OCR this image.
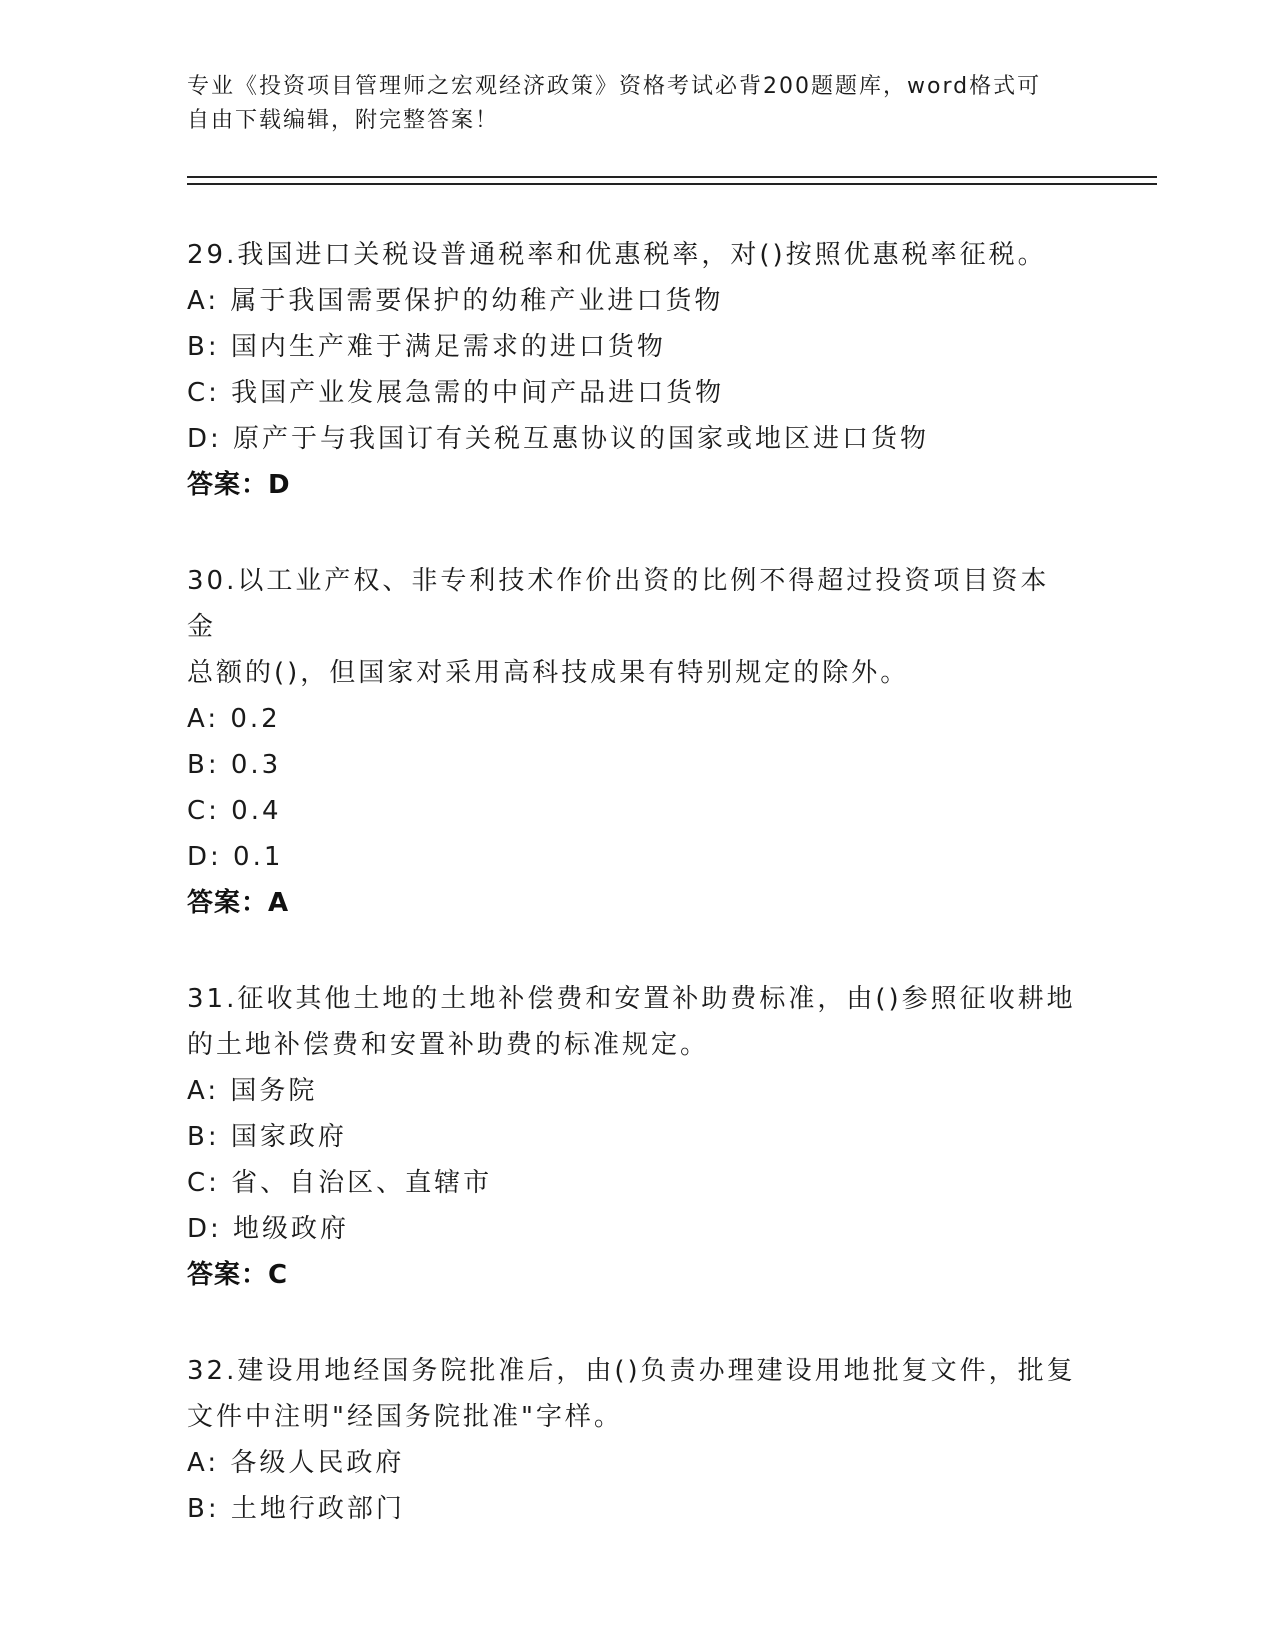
专业《投资项目管理师之宏观经济政策》资格考试必背200题题库，word格式可
自由下载编辑，附完整答案！
29.我国进口关税设普通税率和优惠税率，对()按照优惠税率征税。
A: 属于我国需要保护的幼稚产业进口货物
B: 国内生产难于满足需求的进口货物
C: 我国产业发展急需的中间产品进口货物
D: 原产于与我国订有关税互惠协议的国家或地区进口货物
答案：D
30.以工业产权、非专利技术作价出资的比例不得超过投资项目资本金
总额的()，但国家对采用高科技成果有特别规定的除外。
A: 0.2
B: 0.3
C: 0.4
D: 0.1
答案：A
31.征收其他土地的土地补偿费和安置补助费标准，由()参照征收耕地
的土地补偿费和安置补助费的标准规定。
A: 国务院
B: 国家政府
C: 省、自治区、直辖市
D: 地级政府
答案：C
32.建设用地经国务院批准后，由()负责办理建设用地批复文件，批复
文件中注明"经国务院批准"字样。
A: 各级人民政府
B: 土地行政部门
